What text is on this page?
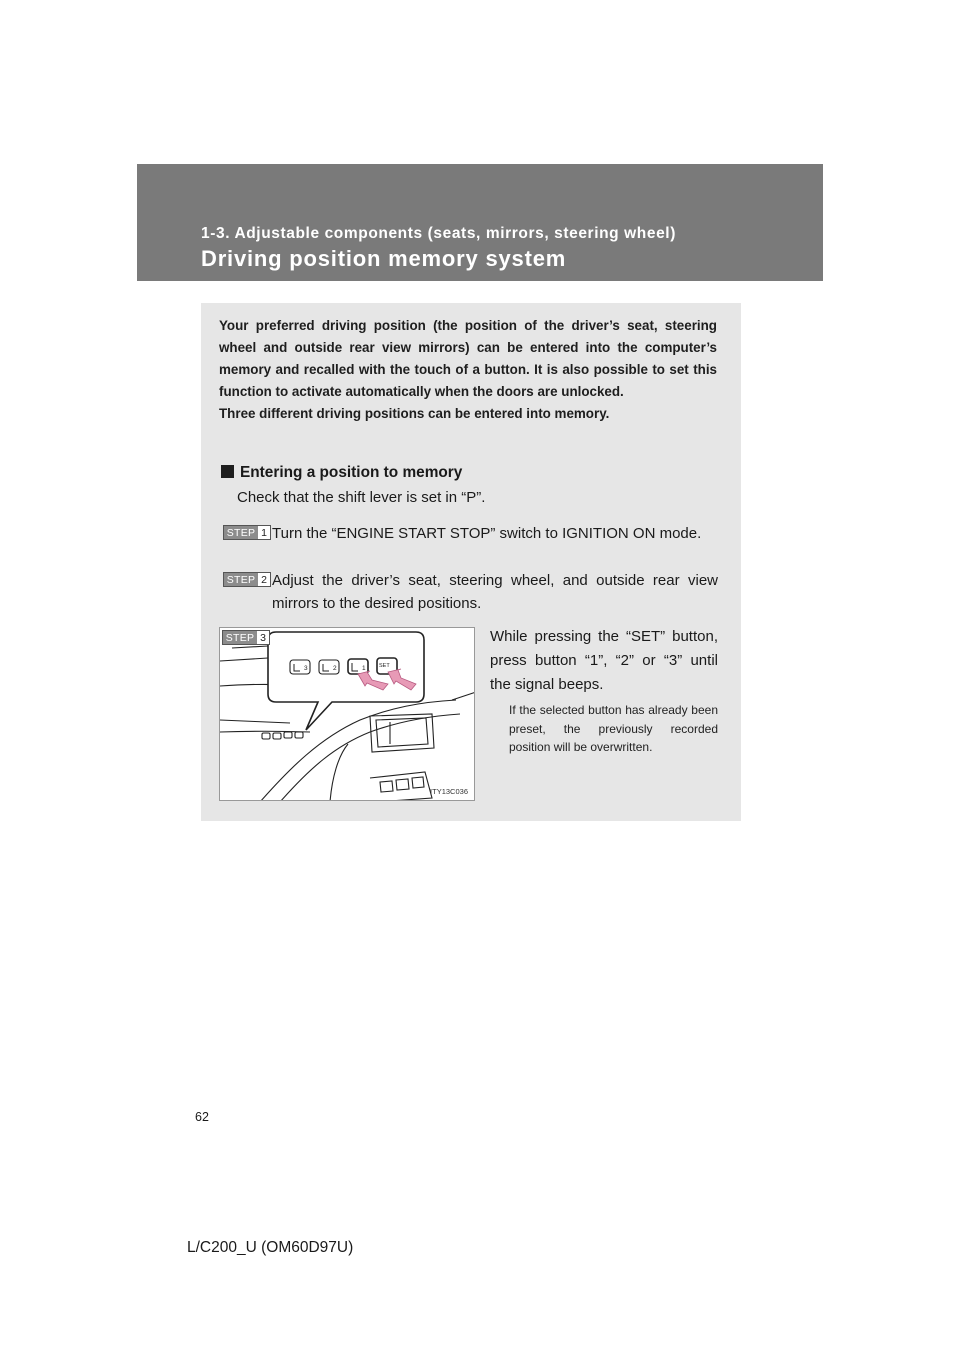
1-3. Adjustable components (seats, mirrors, steering wheel)
Driving position memory system

Your preferred driving position (the position of the driver’s seat, steering wheel and outside rear view mirrors) can be entered into the computer’s memory and recalled with the touch of a button. It is also possible to set this function to activate automatically when the doors are unlocked.

Three different driving positions can be entered into memory.

Entering a position to memory
Check that the shift lever is set in “P”.
STEP 1 Turn the “ENGINE START STOP” switch to IGNITION ON mode.
STEP 2 Adjust the driver’s seat, steering wheel, and outside rear view mirrors to the desired positions.
3	2	1 SET
STEP 3
ITY13C036
While pressing the “SET” button, press button “1”, “2” or “3” until the signal beeps.
If the selected button has already been preset, the previously recorded position will be overwritten.
62
L/C200_U (OM60D97U)
